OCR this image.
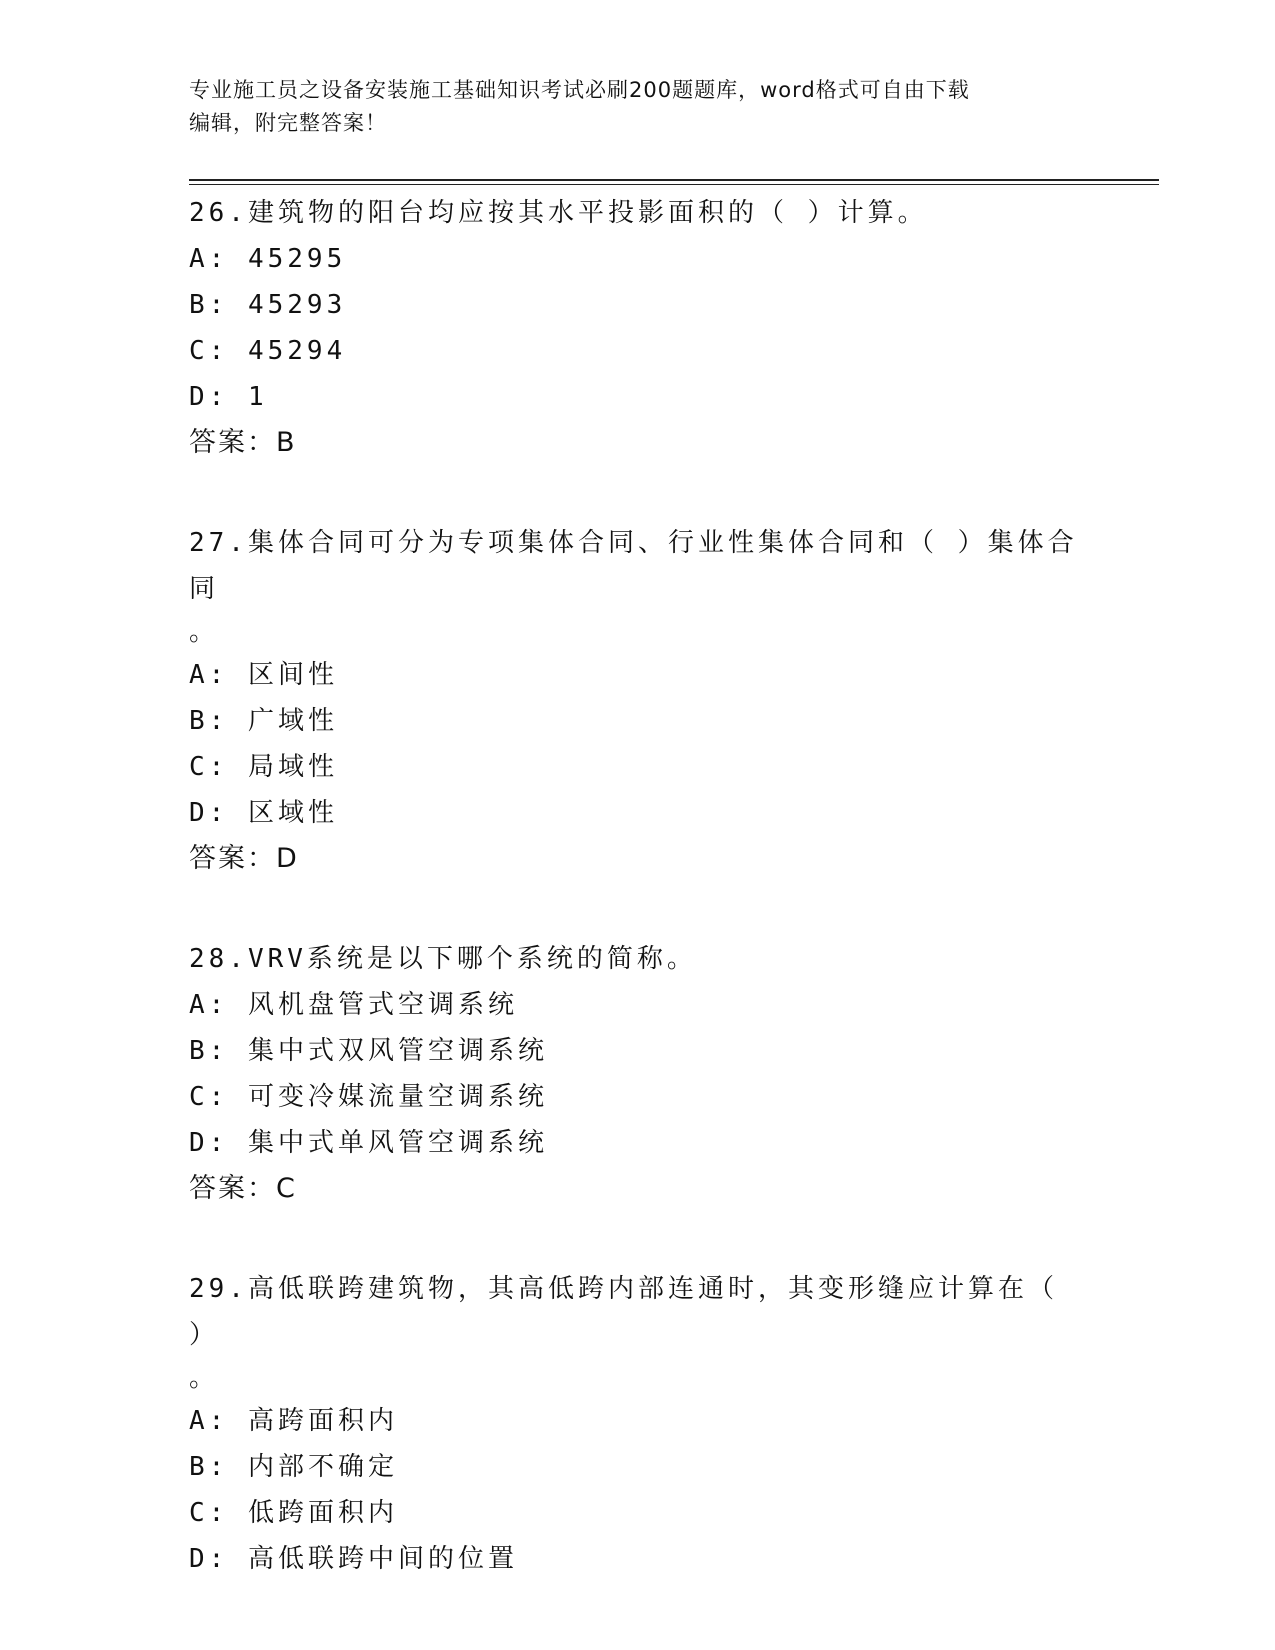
专业施工员之设备安装施工基础知识考试必刷200题题库，word格式可自由下载
编辑，附完整答案！

26.建筑物的阳台均应按其水平投影面积的（ ）计算。

A: 45295

B: 45293

C: 45294

D: 1

答案：B

27.集体合同可分为专项集体合同、行业性集体合同和（ ）集体合同

。

A: 区间性

B: 广域性

C: 局域性

D: 区域性

答案：D

28.VRV系统是以下哪个系统的简称。

A: 风机盘管式空调系统

B: 集中式双风管空调系统

C: 可变冷媒流量空调系统

D: 集中式单风管空调系统

答案：C

29.高低联跨建筑物，其高低跨内部连通时，其变形缝应计算在（ ）

。

A: 高跨面积内

B: 内部不确定

C: 低跨面积内

D: 高低联跨中间的位置
